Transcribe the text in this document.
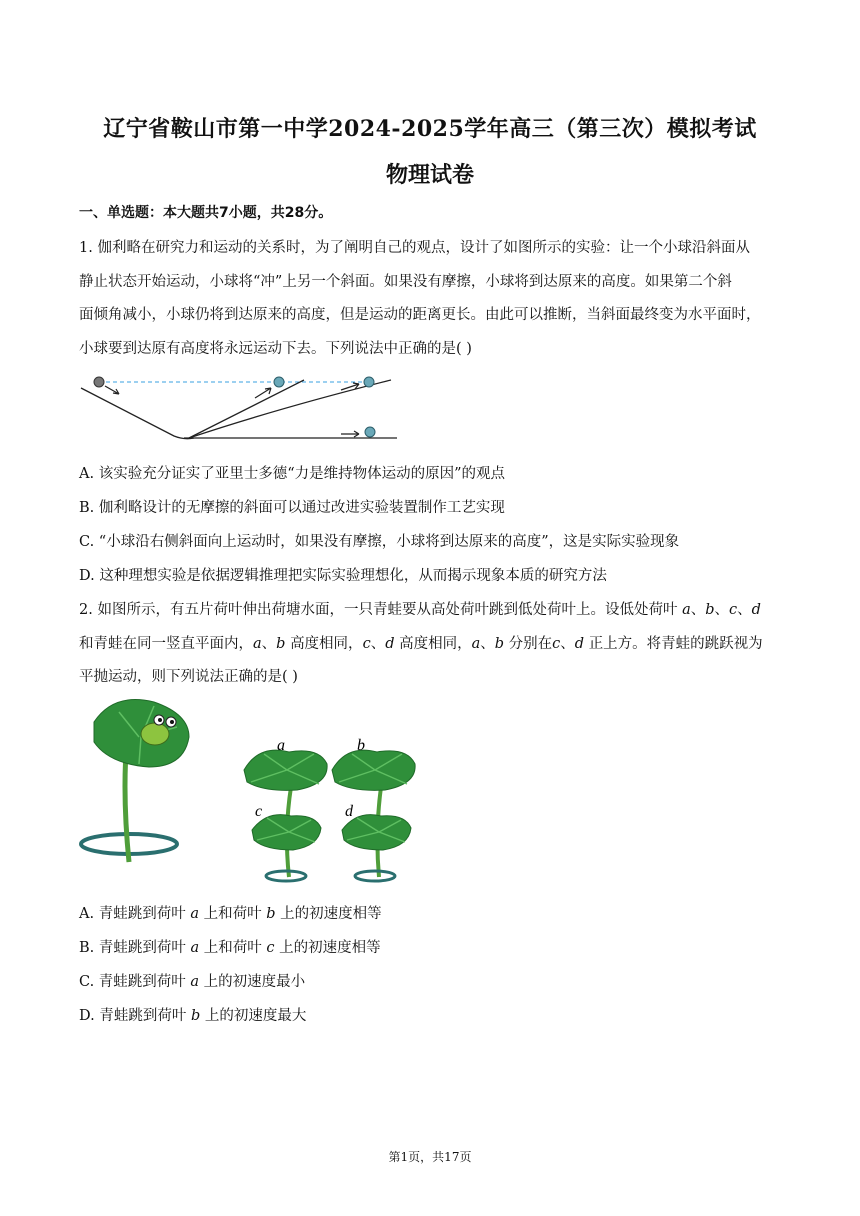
辽宁省鞍山市第一中学2024-2025学年高三（第三次）模拟考试
物理试卷
一、单选题：本大题共7小题，共28分。
1. 伽利略在研究力和运动的关系时，为了阐明自己的观点，设计了如图所示的实验：让一个小球沿斜面从
静止状态开始运动，小球将“冲”上另一个斜面。如果没有摩擦，小球将到达原来的高度。如果第二个斜
面倾角减小，小球仍将到达原来的高度，但是运动的距离更长。由此可以推断，当斜面最终变为水平面时，
小球要到达原有高度将永远运动下去。下列说法中正确的是( )
A. 该实验充分证实了亚里士多德“力是维持物体运动的原因”的观点
B. 伽利略设计的无摩擦的斜面可以通过改进实验装置制作工艺实现
C. “小球沿右侧斜面向上运动时，如果没有摩擦，小球将到达原来的高度”，这是实际实验现象
D. 这种理想实验是依据逻辑推理把实际实验理想化，从而揭示现象本质的研究方法
2. 如图所示，有五片荷叶伸出荷塘水面，一只青蛙要从高处荷叶跳到低处荷叶上。设低处荷叶 a、b、c、d
和青蛙在同一竖直平面内，a、b 高度相同，c、d 高度相同，a、b 分别在c、d 正上方。将青蛙的跳跃视为
平抛运动，则下列说法正确的是( )
a
c
b
d
A. 青蛙跳到荷叶 a 上和荷叶 b 上的初速度相等
B. 青蛙跳到荷叶 a 上和荷叶 c 上的初速度相等
C. 青蛙跳到荷叶 a 上的初速度最小
D. 青蛙跳到荷叶 b 上的初速度最大
第1页，共17页
